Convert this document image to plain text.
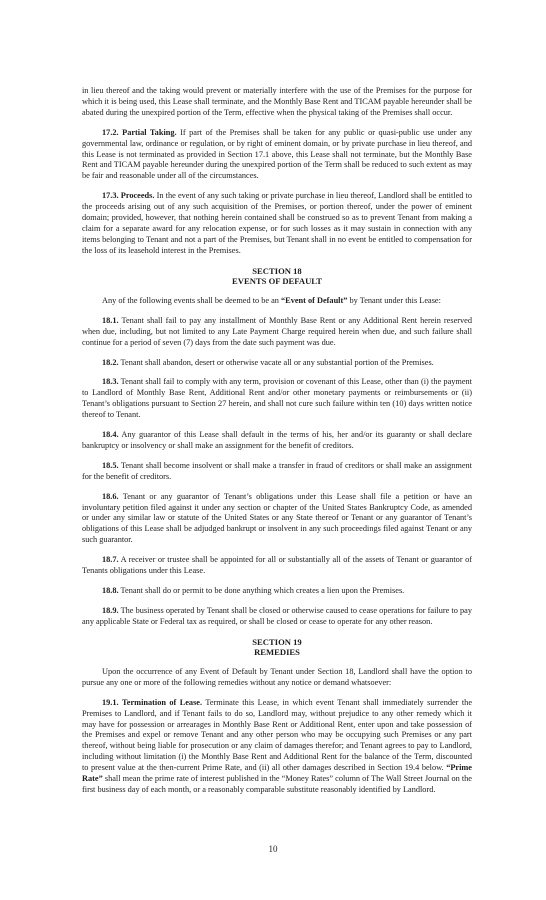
in lieu thereof and the taking would prevent or materially interfere with the use of the Premises for the purpose for which it is being used, this Lease shall terminate, and the Monthly Base Rent and TICAM payable hereunder shall be abated during the unexpired portion of the Term, effective when the physical taking of the Premises shall occur.

17.2. Partial Taking. If part of the Premises shall be taken for any public or quasi-public use under any governmental law, ordinance or regulation, or by right of eminent domain, or by private purchase in lieu thereof, and this Lease is not terminated as provided in Section 17.1 above, this Lease shall not terminate, but the Monthly Base Rent and TICAM payable hereunder during the unexpired portion of the Term shall be reduced to such extent as may be fair and reasonable under all of the circumstances.

17.3. Proceeds. In the event of any such taking or private purchase in lieu thereof, Landlord shall be entitled to the proceeds arising out of any such acquisition of the Premises, or portion thereof, under the power of eminent domain; provided, however, that nothing herein contained shall be construed so as to prevent Tenant from making a claim for a separate award for any relocation expense, or for such losses as it may sustain in connection with any items belonging to Tenant and not a part of the Premises, but Tenant shall in no event be entitled to compensation for the loss of its leasehold interest in the Premises.

SECTION 18
EVENTS OF DEFAULT

Any of the following events shall be deemed to be an “Event of Default” by Tenant under this Lease:

18.1. Tenant shall fail to pay any installment of Monthly Base Rent or any Additional Rent herein reserved when due, including, but not limited to any Late Payment Charge required herein when due, and such failure shall continue for a period of seven (7) days from the date such payment was due.

18.2. Tenant shall abandon, desert or otherwise vacate all or any substantial portion of the Premises.

18.3. Tenant shall fail to comply with any term, provision or covenant of this Lease, other than (i) the payment to Landlord of Monthly Base Rent, Additional Rent and/or other monetary payments or reimbursements or (ii) Tenant’s obligations pursuant to Section 27 herein, and shall not cure such failure within ten (10) days written notice thereof to Tenant.

18.4. Any guarantor of this Lease shall default in the terms of his, her and/or its guaranty or shall declare bankruptcy or insolvency or shall make an assignment for the benefit of creditors.

18.5. Tenant shall become insolvent or shall make a transfer in fraud of creditors or shall make an assignment for the benefit of creditors.

18.6. Tenant or any guarantor of Tenant’s obligations under this Lease shall file a petition or have an involuntary petition filed against it under any section or chapter of the United States Bankruptcy Code, as amended or under any similar law or statute of the United States or any State thereof or Tenant or any guarantor of Tenant’s obligations of this Lease shall be adjudged bankrupt or insolvent in any such proceedings filed against Tenant or any such guarantor.

18.7. A receiver or trustee shall be appointed for all or substantially all of the assets of Tenant or guarantor of Tenants obligations under this Lease.

18.8. Tenant shall do or permit to be done anything which creates a lien upon the Premises.

18.9. The business operated by Tenant shall be closed or otherwise caused to cease operations for failure to pay any applicable State or Federal tax as required, or shall be closed or cease to operate for any other reason.

SECTION 19
REMEDIES

Upon the occurrence of any Event of Default by Tenant under Section 18, Landlord shall have the option to pursue any one or more of the following remedies without any notice or demand whatsoever:

19.1. Termination of Lease. Terminate this Lease, in which event Tenant shall immediately surrender the Premises to Landlord, and if Tenant fails to do so, Landlord may, without prejudice to any other remedy which it may have for possession or arrearages in Monthly Base Rent or Additional Rent, enter upon and take possession of the Premises and expel or remove Tenant and any other person who may be occupying such Premises or any part thereof, without being liable for prosecution or any claim of damages therefor; and Tenant agrees to pay to Landlord, including without limitation (i) the Monthly Base Rent and Additional Rent for the balance of the Term, discounted to present value at the then-current Prime Rate, and (ii) all other damages described in Section 19.4 below. “Prime Rate” shall mean the prime rate of interest published in the “Money Rates” column of The Wall Street Journal on the first business day of each month, or a reasonably comparable substitute reasonably identified by Landlord.

10
